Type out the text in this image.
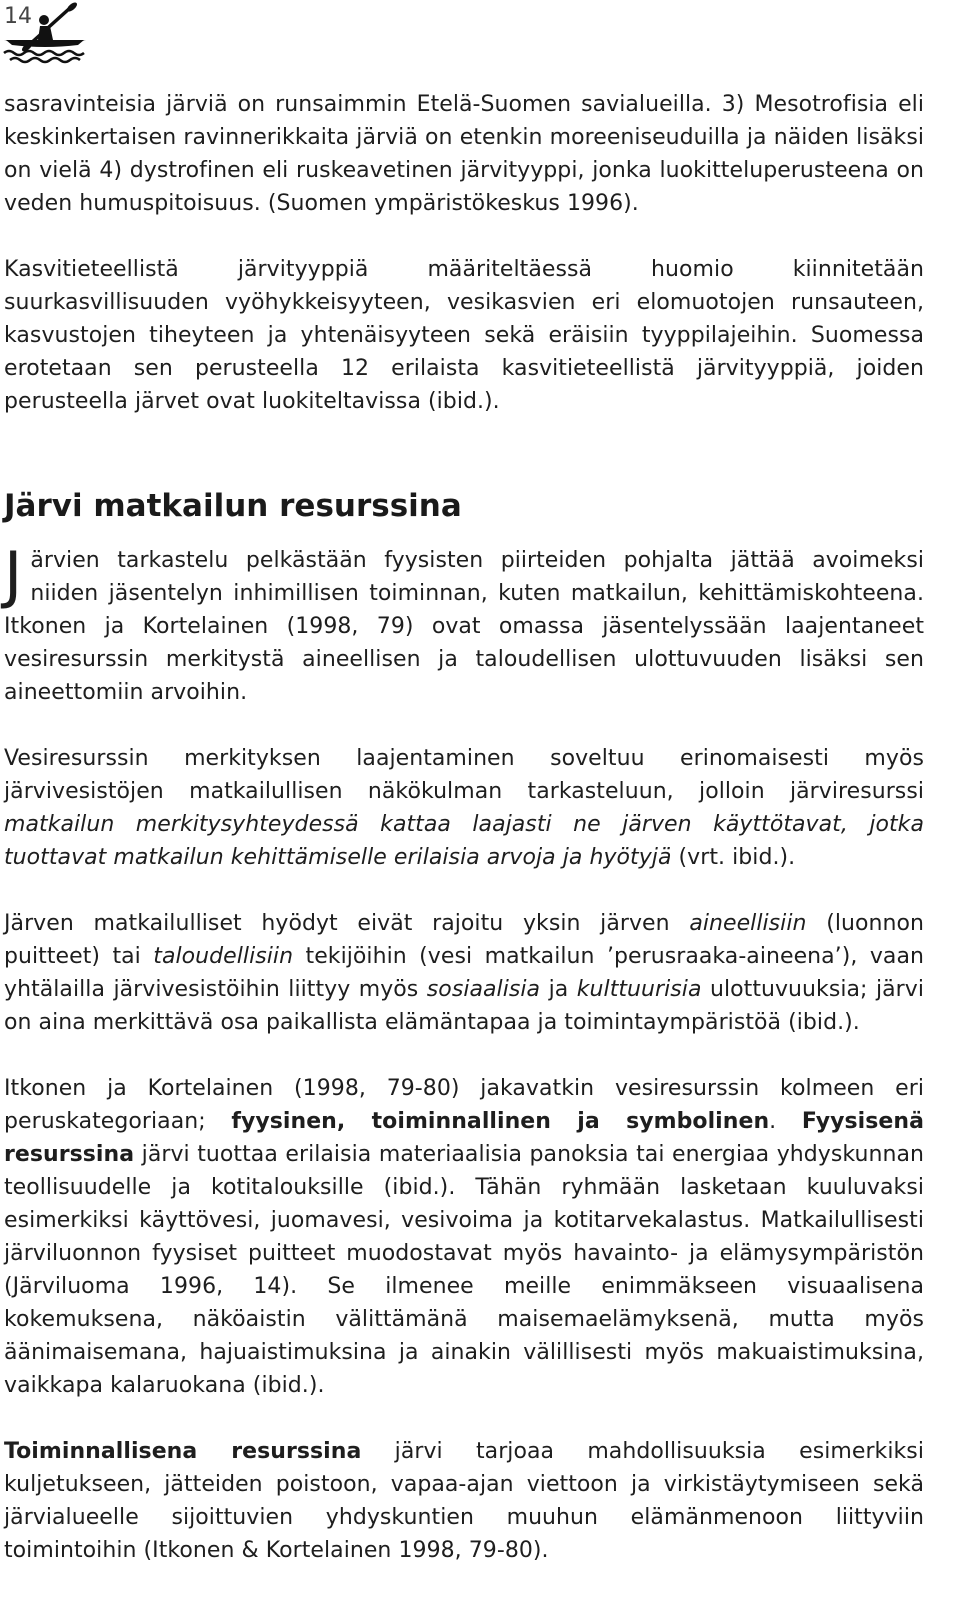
14

sasravinteisia järviä on runsaimmin Etelä-Suomen savialueilla. 3) Mesotrofisia eli keskinkertaisen ravinnerikkaita järviä on etenkin moreeniseuduilla ja näiden lisäksi on vielä 4) dystrofinen eli ruskeavetinen järvityyppi, jonka luokitteluperusteena on veden humuspitoisuus. (Suomen ympäristökeskus 1996).

Kasvitieteellistä järvityyppiä määriteltäessä huomio kiinnitetään suurkasvillisuuden vyöhykkeisyyteen, vesikasvien eri elomuotojen runsauteen, kasvustojen tiheyteen ja yhtenäisyyteen sekä eräisiin tyyppilajeihin. Suomessa erotetaan sen perusteella 12 erilaista kasvitieteellistä järvityyppiä, joiden perusteella järvet ovat luokiteltavissa (ibid.).

Järvi matkailun resurssina

Järvien tarkastelu pelkästään fyysisten piirteiden pohjalta jättää avoimeksi niiden jäsentelyn inhimillisen toiminnan, kuten matkailun, kehittämiskohteena. Itkonen ja Kortelainen (1998, 79) ovat omassa jäsentelyssään laajentaneet vesiresurssin merkitystä aineellisen ja taloudellisen ulottuvuuden lisäksi sen aineettomiin arvoihin.

Vesiresurssin merkityksen laajentaminen soveltuu erinomaisesti myös järvivesistöjen matkailullisen näkökulman tarkasteluun, jolloin järviresurssi matkailun merkitysyhteydessä kattaa laajasti ne järven käyttötavat, jotka tuottavat matkailun kehittämiselle erilaisia arvoja ja hyötyjä (vrt. ibid.).

Järven matkailulliset hyödyt eivät rajoitu yksin järven aineellisiin (luonnon puitteet) tai taloudellisiin tekijöihin (vesi matkailun ’perusraaka-aineena’), vaan yhtälailla järvivesistöihin liittyy myös sosiaalisia ja kulttuurisia ulottuvuuksia; järvi on aina merkittävä osa paikallista elämäntapaa ja toimintaympäristöä (ibid.).

Itkonen ja Kortelainen (1998, 79-80) jakavatkin vesiresurssin kolmeen eri peruskategoriaan; fyysinen, toiminnallinen ja symbolinen. Fyysisenä resurssina järvi tuottaa erilaisia materiaalisia panoksia tai energiaa yhdyskunnan teollisuudelle ja kotitalouksille (ibid.). Tähän ryhmään lasketaan kuuluvaksi esimerkiksi käyttövesi, juomavesi, vesivoima ja kotitarvekalastus. Matkailullisesti järviluonnon fyysiset puitteet muodostavat myös havainto- ja elämysympäristön (Järviluoma 1996, 14). Se ilmenee meille enimmäkseen visuaalisena kokemuksena, näköaistin välittämänä maisemaelämyksenä, mutta myös äänimaisemana, hajuaistimuksina ja ainakin välillisesti myös makuaistimuksina, vaikkapa kalaruokana (ibid.).

Toiminnallisena resurssina järvi tarjoaa mahdollisuuksia esimerkiksi kuljetukseen, jätteiden poistoon, vapaa-ajan viettoon ja virkistäytymiseen sekä järvialueelle sijoittuvien yhdyskuntien muuhun elämänmenoon liittyviin toimintoihin (Itkonen & Kortelainen 1998, 79-80).
